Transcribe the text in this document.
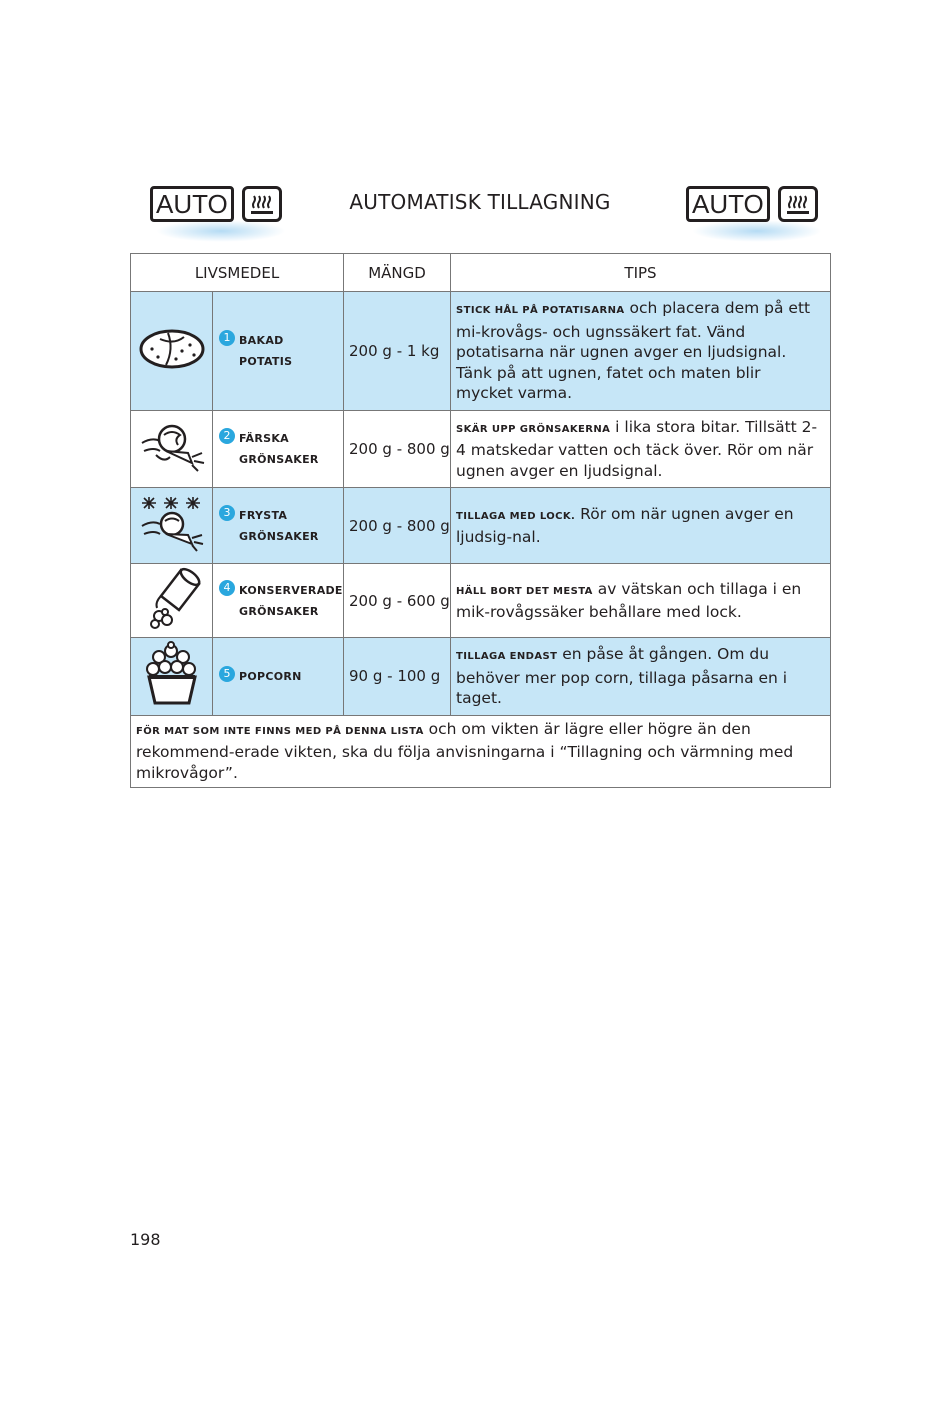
AUTO	AUTOMATISK TILLAGNING	AUTO
LIVSMEDEL		MÄNGD	TIPS

1 BAKAD
POTATIS	200 g - 1 kg	STICK HÅL PÅ POTATISARNA och placera dem på ett mi-krovågs- och ugnssäkert fat. Vänd potatisarna när ugnen avger en ljudsignal. Tänk på att ugnen, fatet och maten blir mycket varma.

2 FÄRSKA
GRÖNSAKER	200 g - 800 g	SKÄR UPP GRÖNSAKERNA i lika stora bitar. Tillsätt 2-4 matskedar vatten och täck över. Rör om när ugnen avger en ljudsignal.

3 FRYSTA
GRÖNSAKER	200 g - 800 g	TILLAGA MED LOCK. Rör om när ugnen avger en ljudsig-nal.

4 KONSERVERADE
GRÖNSAKER	200 g - 600 g	HÄLL BORT DET MESTA av vätskan och tillaga i en mik-rovågssäker behållare med lock.

5 POPCORN	90 g - 100 g	TILLAGA ENDAST en påse åt gången. Om du behöver mer pop corn, tillaga påsarna en i taget.
FÖR MAT SOM INTE FINNS MED PÅ DENNA LISTA och om vikten är lägre eller högre än den rekommend-erade vikten, ska du följa anvisningarna i “Tillagning och värmning med mikrovågor”.			
198
